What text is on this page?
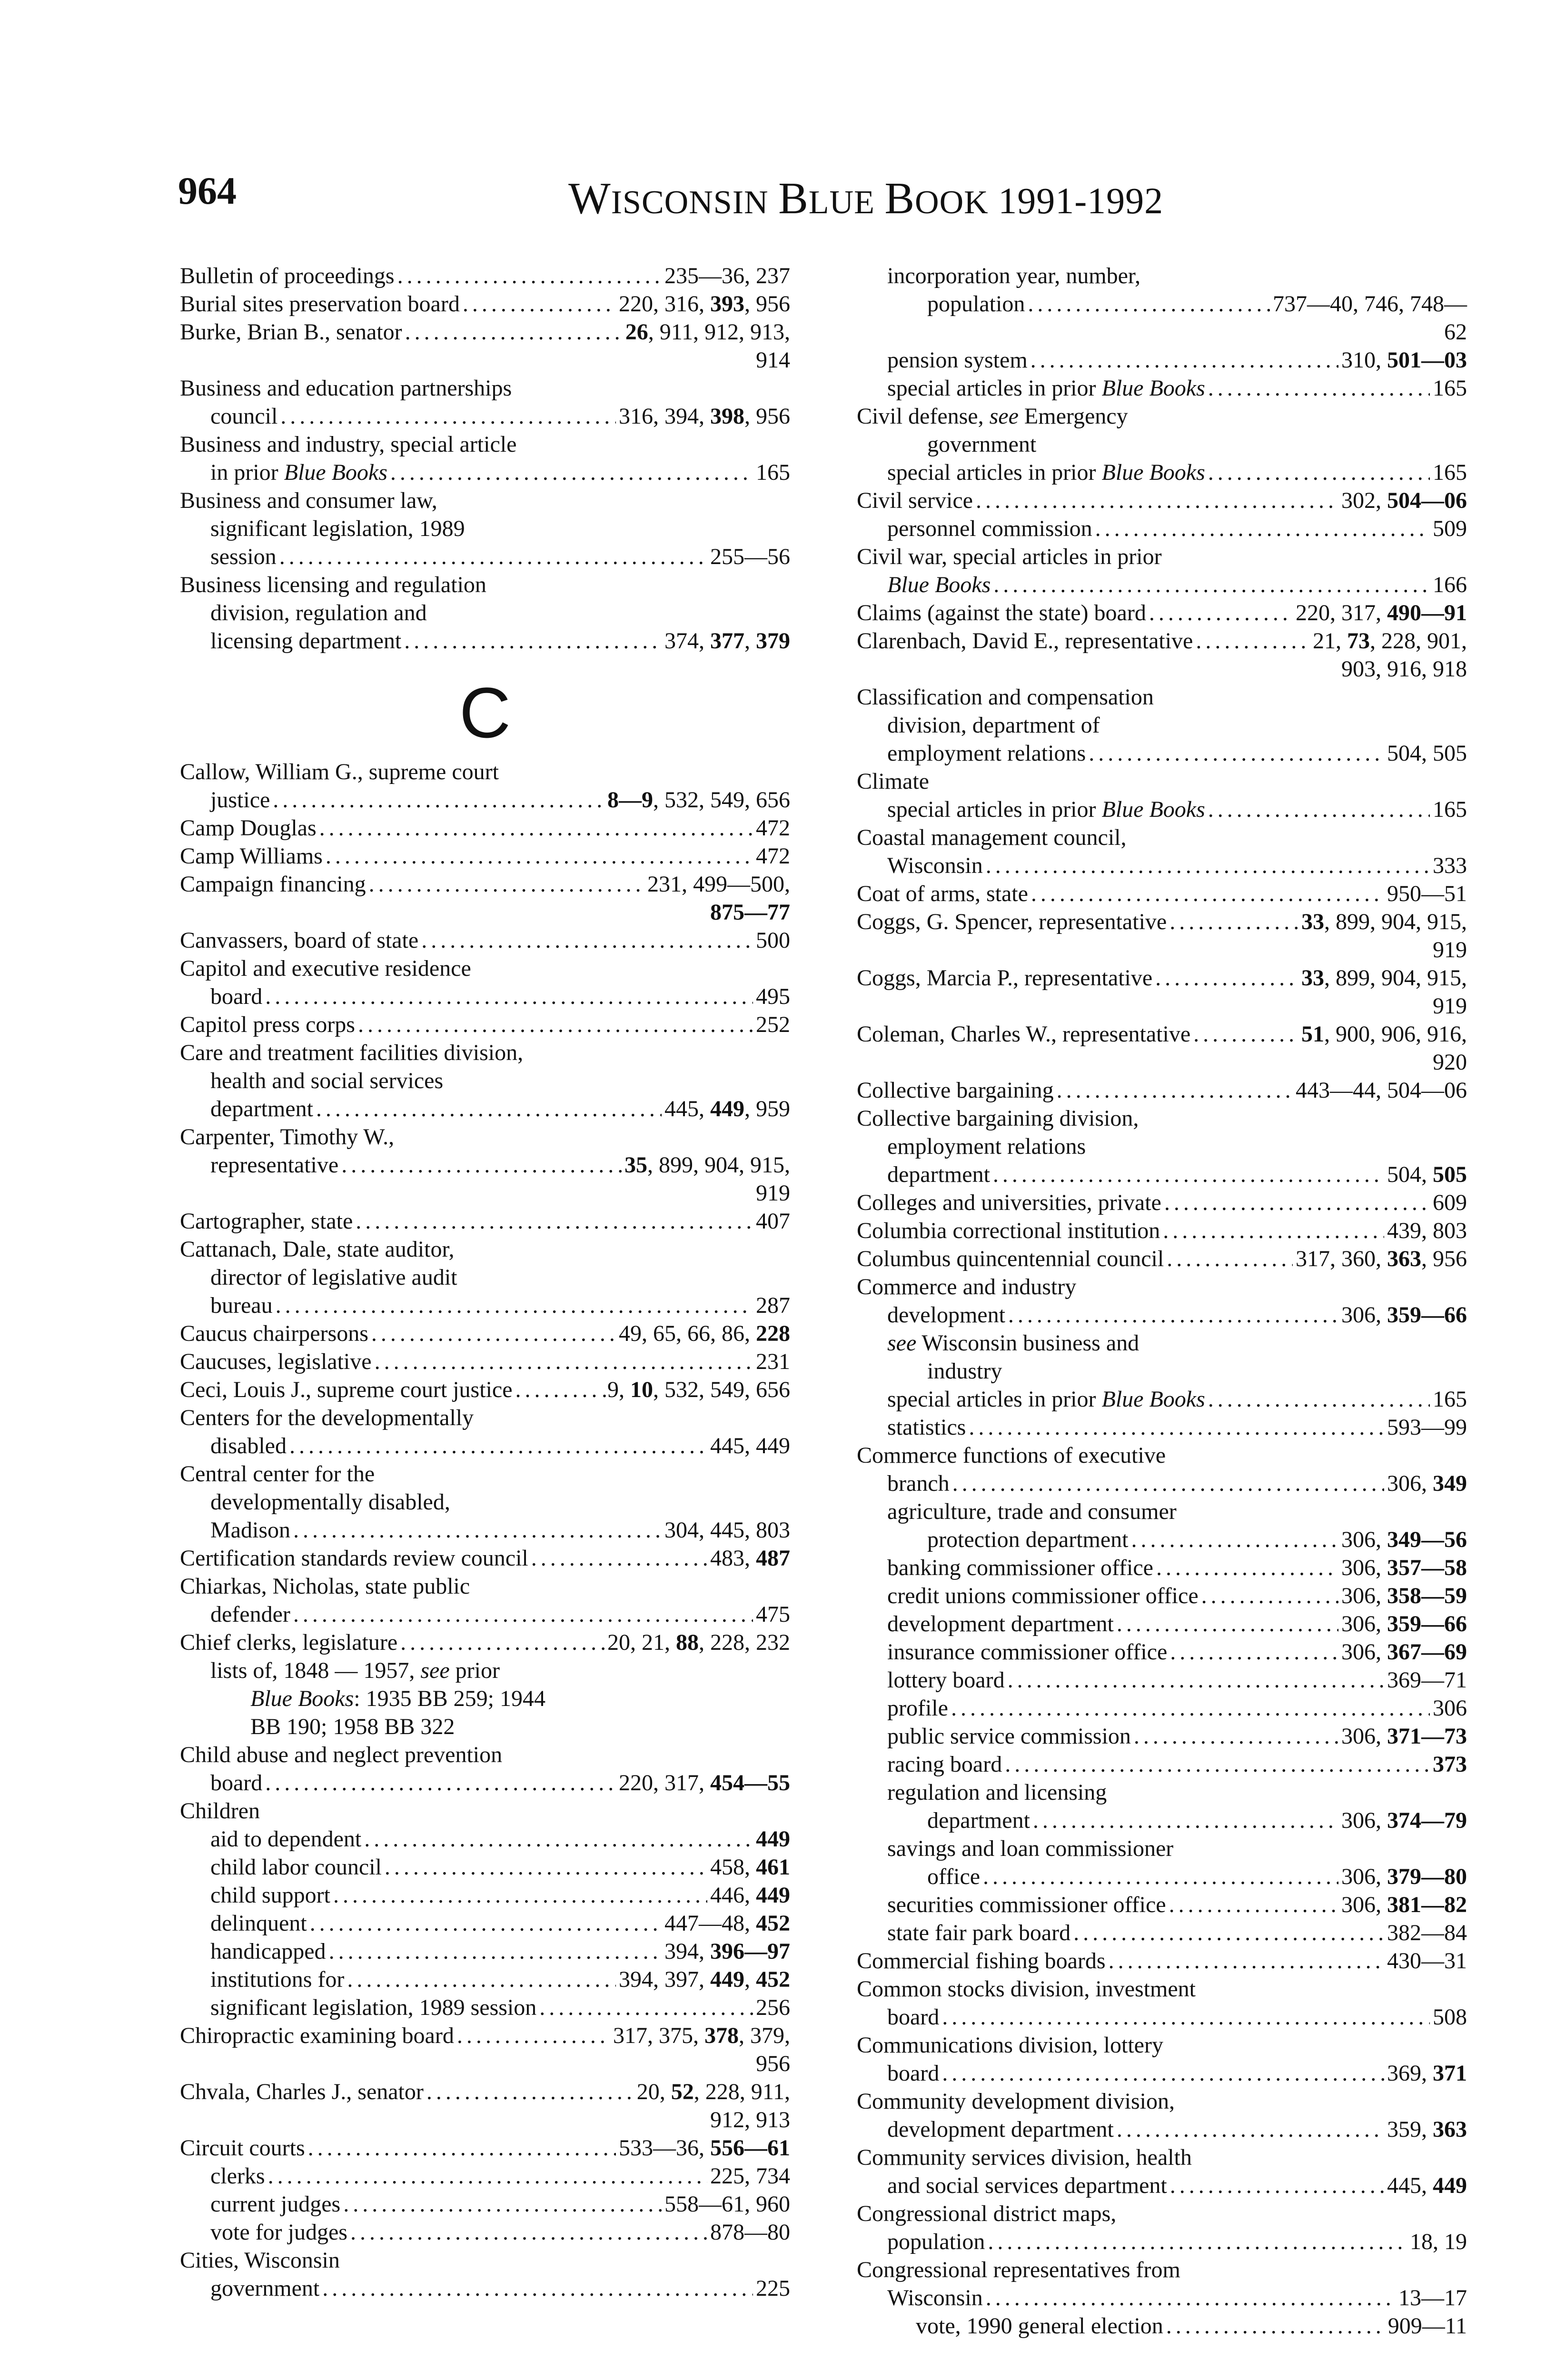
964	WISCONSIN BLUE BOOK 1991-1992
Bulletin of proceedings . . .	235—36, 237
Burial sites preservation board . . .	220, 316, 393, 956
Burke, Brian B., senator . . .	26, 911, 912, 913,
914
Business and education partnerships
council . . .	316, 394, 398, 956
Business and industry, special article
in prior Blue Books . . .	165
Business and consumer law,
significant legislation, 1989
session . . .	255—56
Business licensing and regulation
division, regulation and
licensing department . . .	374, 377, 379
C
Callow, William G., supreme court
justice . . .	8—9, 532, 549, 656
Camp Douglas . . .	472
Camp Williams . . .	472
Campaign financing . . .	231, 499—500,
875—77
Canvassers, board of state . . .	500
Capitol and executive residence
board . . .	495
Capitol press corps . . .	252
Care and treatment facilities division,
health and social services
department . . .	445, 449, 959
Carpenter, Timothy W.,
representative . . .	35, 899, 904, 915,
919
Cartographer, state . . .	407
Cattanach, Dale, state auditor,
director of legislative audit
bureau . . .	287
Caucus chairpersons . . .	49, 65, 66, 86, 228
Caucuses, legislative . . .	231
Ceci, Louis J., supreme court justice . . .	.9, 10, 532, 549, 656
Centers for the developmentally
disabled . . .	445, 449
Central center for the
developmentally disabled,
Madison . . .	304, 445, 803
Certification standards review council . . .	483, 487
Chiarkas, Nicholas, state public
defender . . .	475
Chief clerks, legislature . . .	20, 21, 88, 228, 232
lists of, 1848 — 1957, see prior
Blue Books: 1935 BB 259; 1944
BB 190; 1958 BB 322
Child abuse and neglect prevention
board . . .	220, 317, 454—55
Children
aid to dependent . . .	449
child labor council . . .	458, 461
child support . . .	446, 449
delinquent . . .	447—48, 452
handicapped . . .	394, 396—97
institutions for . . .	394, 397, 449, 452
significant legislation, 1989 session . . .	256
Chiropractic examining board . . .	317, 375, 378, 379,
956
Chvala, Charles J., senator . . .	20, 52, 228, 911,
912, 913
Circuit courts . . .	533—36, 556—61
clerks . . .	225, 734
current judges . . .	558—61, 960
vote for judges . . .	878—80
Cities, Wisconsin
government . . .	225
incorporation year, number,
population . . .	737—40, 746, 748—
62
pension system . . .	310, 501—03
special articles in prior Blue Books . . .	165
Civil defense, see Emergency
government
special articles in prior Blue Books . . .	165
Civil service . . .	302, 504—06
personnel commission . . .	509
Civil war, special articles in prior
Blue Books . . .	166
Claims (against the state) board . . .	220, 317, 490—91
Clarenbach, David E., representative . . .	21, 73, 228, 901,
903, 916, 918
Classification and compensation
division, department of
employment relations . . .	504, 505
Climate
special articles in prior Blue Books . . .	165
Coastal management council,
Wisconsin . . .	333
Coat of arms, state . . .	950—51
Coggs, G. Spencer, representative . . .	33, 899, 904, 915,
919
Coggs, Marcia P., representative . . .	33, 899, 904, 915,
919
Coleman, Charles W., representative . . .	51, 900, 906, 916,
920
Collective bargaining . . .	443—44, 504—06
Collective bargaining division,
employment relations
department . . .	504, 505
Colleges and universities, private . . .	609
Columbia correctional institution . . .	439, 803
Columbus quincentennial council . . .	317, 360, 363, 956
Commerce and industry
development . . .	306, 359—66
see Wisconsin business and
industry
special articles in prior Blue Books . . .	165
statistics . . .	593—99
Commerce functions of executive
branch . . .	306, 349
agriculture, trade and consumer
protection department . . .	306, 349—56
banking commissioner office . . .	306, 357—58
credit unions commissioner office . . .	306, 358—59
development department . . .	306, 359—66
insurance commissioner office . . .	306, 367—69
lottery board . . .	369—71
profile . . .	306
public service commission . . .	306, 371—73
racing board . . .	373
regulation and licensing
department . . .	306, 374—79
savings and loan commissioner
office . . .	306, 379—80
securities commissioner office . . .	306, 381—82
state fair park board . . .	382—84
Commercial fishing boards . . .	430—31
Common stocks division, investment
board . . .	508
Communications division, lottery
board . . .	369, 371
Community development division,
development department . . .	359, 363
Community services division, health
and social services department . . .	445, 449
Congressional district maps,
population . . .	18, 19
Congressional representatives from
Wisconsin . . .	13—17
vote, 1990 general election . . .	909—11
